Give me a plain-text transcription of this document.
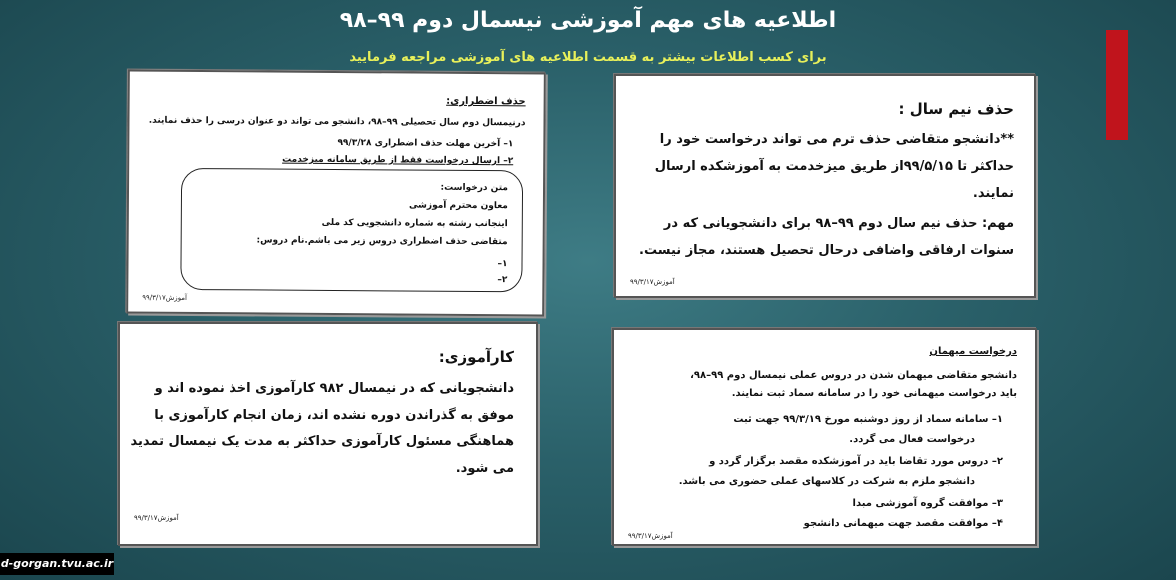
اطلاعیه های مهم آموزشی نیسمال دوم ۹۹–۹۸
برای کسب اطلاعات بیشتر به قسمت اطلاعیه های آموزشی مراجعه فرمایید
حذف اضطراری:
درنیمسال دوم سال تحصیلی ۹۹–۹۸، دانشجو می تواند دو عنوان درسی را حذف نمایند.
۱– آخرین مهلت حذف اضطراری ۹۹/۳/۲۸
۲– ارسال درخواست فقط از طریق سامانه میزخدمت
متن درخواست:
معاون محترم آموزشی
اینجانب رشته به شماره دانشجویی کد ملی
متقاضی حذف اضطراری دروس زیر می باشم.نام دروس:
۱–
۲–
آموزش۹۹/۳/۱۷
حذف نیم سال :
**دانشجو متقاضی حذف ترم می تواند درخواست خود را حداکثر تا ۹۹/۵/۱۵از طریق میزخدمت به آموزشکده ارسال نمایند.
مهم: حذف نیم سال دوم ۹۹–۹۸ برای دانشجویانی که در سنوات ارفاقی واضافی درحال تحصیل هستند، مجاز نیست.
آموزش۹۹/۳/۱۷
کارآموزی:
دانشجویانی که در نیمسال ۹۸۲ کارآموزی اخذ نموده اند و موفق به گذراندن دوره نشده اند، زمان انجام کارآموزی با هماهنگی مسئول کارآموزی حداکثر به مدت یک نیمسال تمدید می شود.
آموزش۹۹/۳/۱۷
درخواست میهمان
دانشجو متقاضی میهمان شدن در دروس عملی نیمسال دوم ۹۹–۹۸،
باید درخواست میهمانی خود را در سامانه سماد ثبت نمایند.
۱– سامانه سماد از روز دوشنبه مورخ ۹۹/۳/۱۹ جهت ثبت
درخواست فعال می گردد.
۲– دروس مورد تقاضا باید در آموزشکده مقصد برگزار گردد و
دانشجو ملزم به شرکت در کلاسهای عملی حضوری می باشد.
۳– موافقت گروه آموزشی مبدا
۴– موافقت مقصد جهت میهمانی دانشجو
آموزش۹۹/۳/۱۷
d-gorgan.tvu.ac.ir
